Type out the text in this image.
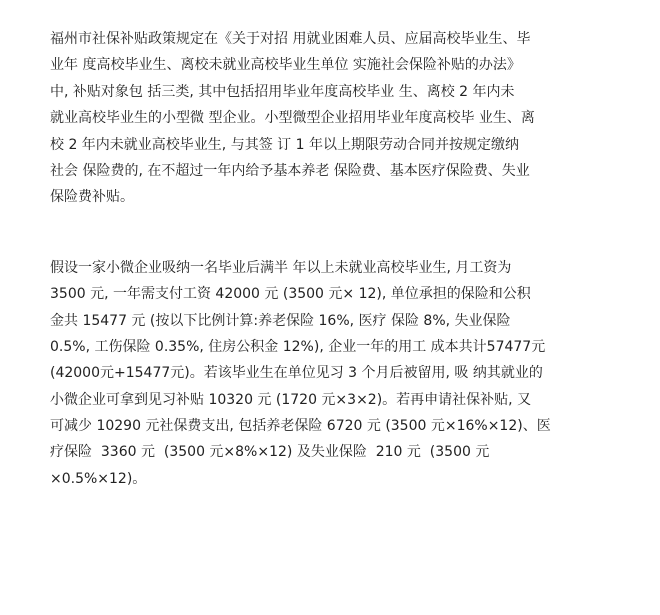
福州市社保补贴政策规定在《关于对招 用就业困难人员、应届高校毕业生、毕
业年 度高校毕业生、离校未就业高校毕业生单位 实施社会保险补贴的办法》
中, 补贴对象包 括三类, 其中包括招用毕业年度高校毕业 生、离校 2 年内未
就业高校毕业生的小型微 型企业。小型微型企业招用毕业年度高校毕 业生、离
校 2 年内未就业高校毕业生, 与其签 订 1 年以上期限劳动合同并按规定缴纳
社会 保险费的, 在不超过一年内给予基本养老 保险费、基本医疗保险费、失业
保险费补贴。
假设一家小微企业吸纳一名毕业后满半 年以上未就业高校毕业生, 月工资为
3500 元, 一年需支付工资 42000 元 (3500 元× 12), 单位承担的保险和公积
金共 15477 元 (按以下比例计算:养老保险 16%, 医疗 保险 8%, 失业保险
0.5%, 工伤保险 0.35%, 住房公积金 12%), 企业一年的用工 成本共计57477元
(42000元+15477元)。若该毕业生在单位见习 3 个月后被留用, 吸 纳其就业的
小微企业可拿到见习补贴 10320 元 (1720 元×3×2)。若再申请社保补贴, 又
可减少 10290 元社保费支出, 包括养老保险 6720 元 (3500 元×16%×12)、医
疗保险  3360 元  (3500 元×8%×12) 及失业保险  210 元  (3500 元
×0.5%×12)。
